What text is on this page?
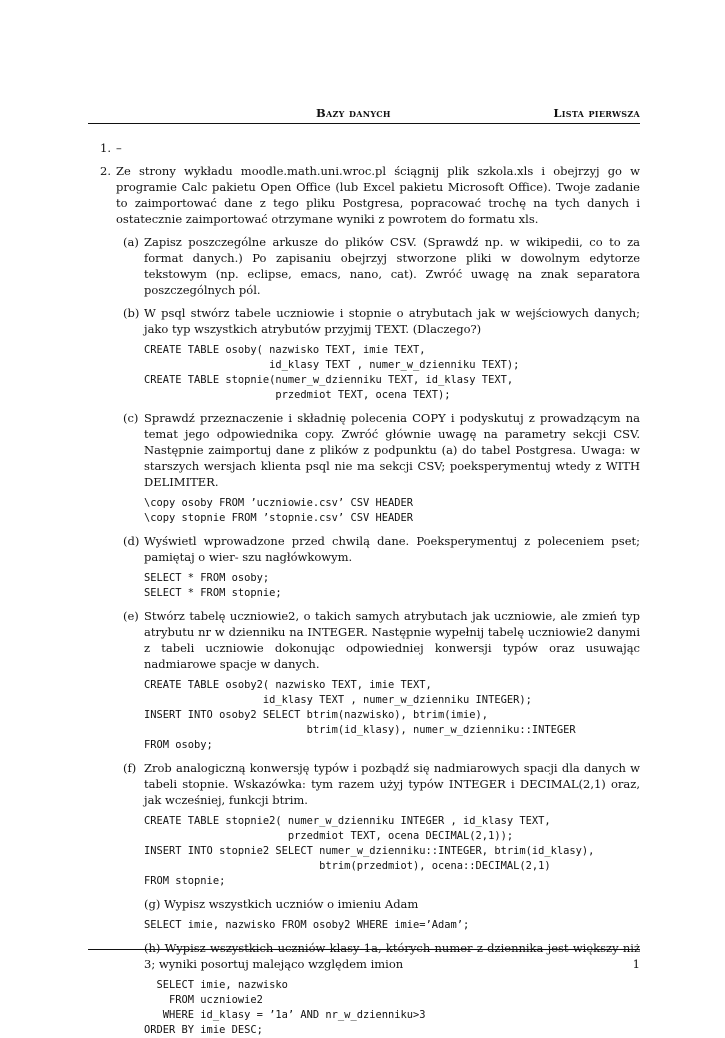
Bazy danych	Lista pierwsza
1. –

2. Ze strony wykładu moodle.math.uni.wroc.pl ściągnij plik szkola.xls i obejrzyj go w programie Calc pakietu Open Office (lub Excel pakietu Microsoft Office). Twoje zadanie to zaimportować dane z tego pliku Postgresa, popracować trochę na tych danych i ostatecznie zaimportować otrzymane wyniki z powrotem do formatu xls.

(a) Zapisz poszczególne arkusze do plików CSV. (Sprawdź np. w wikipedii, co to za format danych.) Po zapisaniu obejrzyj stworzone pliki w dowolnym edytorze tekstowym (np. eclipse, emacs, nano, cat). Zwróć uwagę na znak separatora poszczególnych pól.

(b) W psql stwórz tabele uczniowie i stopnie o atrybutach jak w wejściowych danych; jako typ wszystkich atrybutów przyjmij TEXT. (Dlaczego?)

CREATE TABLE osoby( nazwisko TEXT, imie TEXT,
id_klasy TEXT , numer_w_dzienniku TEXT);
CREATE TABLE stopnie(numer_w_dzienniku TEXT, id_klasy TEXT,
przedmiot TEXT, ocena TEXT);
(c) Sprawdź przeznaczenie i składnię polecenia COPY i podyskutuj z prowadzącym na temat jego odpowiednika copy. Zwróć głównie uwagę na parametry sekcji CSV. Następnie zaimportuj dane z plików z podpunktu (a) do tabel Postgresa. Uwaga: w starszych wersjach klienta psql nie ma sekcji CSV; poeksperymentuj wtedy z WITH DELIMITER.

\copy osoby FROM ’uczniowie.csv’ CSV HEADER
\copy stopnie FROM ’stopnie.csv’ CSV HEADER
(d) Wyświetl wprowadzone przed chwilą dane. Poeksperymentuj z poleceniem pset; pamiętaj o wier- szu nagłówkowym.

SELECT * FROM osoby;
SELECT * FROM stopnie;
(e) Stwórz tabelę uczniowie2, o takich samych atrybutach jak uczniowie, ale zmień typ atrybutu nr w dzienniku na INTEGER. Następnie wypełnij tabelę uczniowie2 danymi z tabeli uczniowie dokonując odpowiedniej konwersji typów oraz usuwając nadmiarowe spacje w danych.

CREATE TABLE osoby2( nazwisko TEXT, imie TEXT,
id_klasy TEXT , numer_w_dzienniku INTEGER);
INSERT INTO osoby2 SELECT btrim(nazwisko), btrim(imie),
btrim(id_klasy), numer_w_dzienniku::INTEGER
FROM osoby;
(f) Zrob analogiczną konwersję typów i pozbądź się nadmiarowych spacji dla danych w tabeli stopnie. Wskazówka: tym razem użyj typów INTEGER i DECIMAL(2,1) oraz, jak wcześniej, funkcji btrim.

CREATE TABLE stopnie2( numer_w_dzienniku INTEGER , id_klasy TEXT,
przedmiot TEXT, ocena DECIMAL(2,1));
INSERT INTO stopnie2 SELECT numer_w_dzienniku::INTEGER, btrim(id_klasy),
btrim(przedmiot), ocena::DECIMAL(2,1)
FROM stopnie;

(g) Wypisz wszystkich uczniów o imieniu Adam

SELECT imie, nazwisko FROM osoby2 WHERE imie=’Adam’;

(h) Wypisz wszystkich uczniów klasy 1a, których numer z dziennika jest większy niż 3; wyniki posortuj malejąco względem imion

SELECT imie, nazwisko
FROM uczniowie2
WHERE id_klasy = ’1a’ AND nr_w_dzienniku>3
ORDER BY imie DESC;
1
